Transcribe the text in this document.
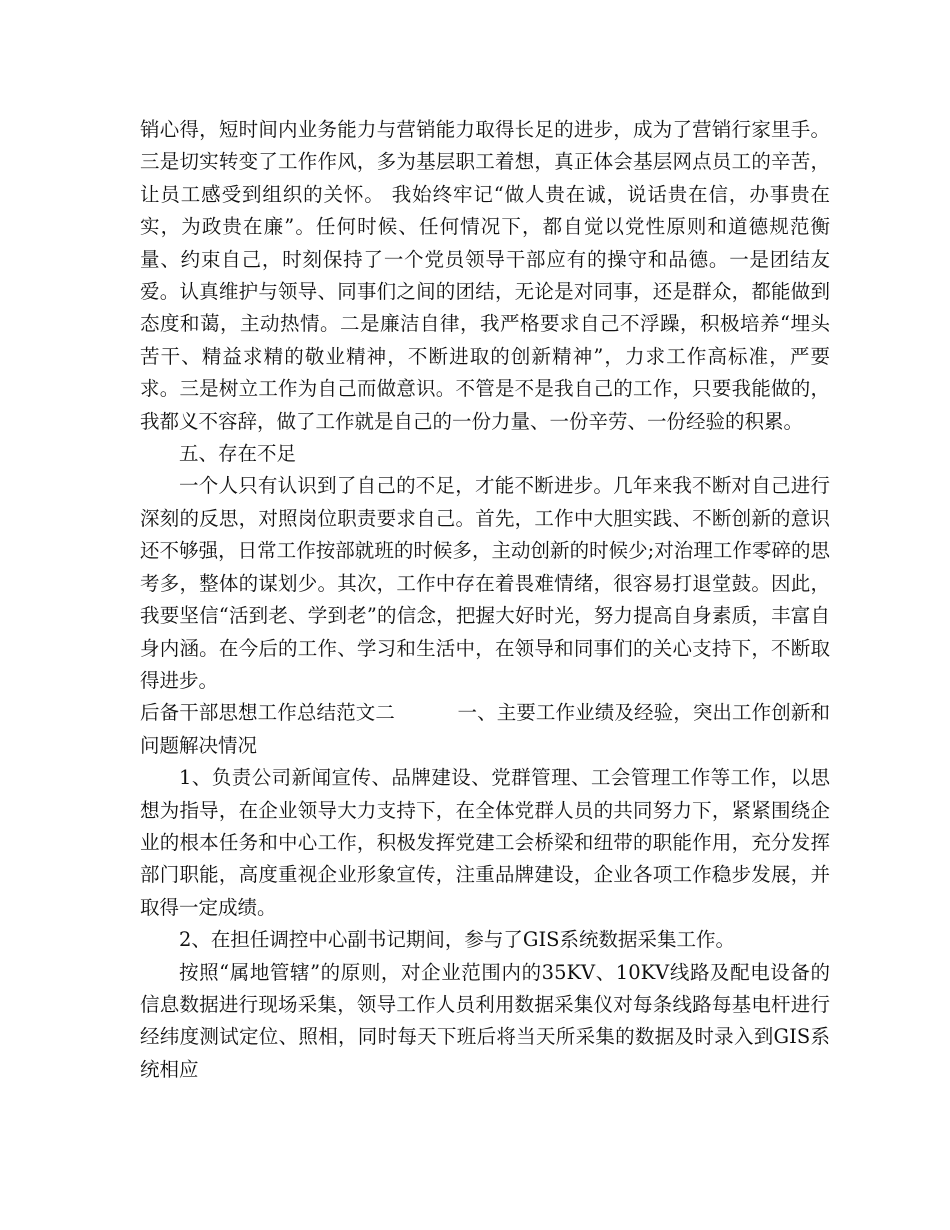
销心得，短时间内业务能力与营销能力取得长足的进步，成为了营销行家里手。三是切实转变了工作作风，多为基层职工着想，真正体会基层网点员工的辛苦，让员工感受到组织的关怀。 我始终牢记“做人贵在诚，说话贵在信，办事贵在实，为政贵在廉”。任何时候、任何情况下，都自觉以党性原则和道德规范衡量、约束自己，时刻保持了一个党员领导干部应有的操守和品德。一是团结友爱。认真维护与领导、同事们之间的团结，无论是对同事，还是群众，都能做到态度和蔼，主动热情。二是廉洁自律，我严格要求自己不浮躁，积极培养“埋头苦干、精益求精的敬业精神，不断进取的创新精神”，力求工作高标准，严要求。三是树立工作为自己而做意识。不管是不是我自己的工作，只要我能做的，我都义不容辞，做了工作就是自己的一份力量、一份辛劳、一份经验的积累。

五、存在不足

一个人只有认识到了自己的不足，才能不断进步。几年来我不断对自己进行深刻的反思，对照岗位职责要求自己。首先，工作中大胆实践、不断创新的意识还不够强，日常工作按部就班的时候多，主动创新的时候少;对治理工作零碎的思考多，整体的谋划少。其次，工作中存在着畏难情绪，很容易打退堂鼓。因此，我要坚信“活到老、学到老”的信念，把握大好时光，努力提高自身素质，丰富自身内涵。在今后的工作、学习和生活中，在领导和同事们的关心支持下，不断取得进步。

后备干部思想工作总结范文二	一、主要工作业绩及经验，突出工作创新和问题解决情况

1、负责公司新闻宣传、品牌建设、党群管理、工会管理工作等工作，以思想为指导，在企业领导大力支持下，在全体党群人员的共同努力下，紧紧围绕企业的根本任务和中心工作，积极发挥党建工会桥梁和纽带的职能作用，充分发挥部门职能，高度重视企业形象宣传，注重品牌建设，企业各项工作稳步发展，并取得一定成绩。

2、在担任调控中心副书记期间，参与了GIS系统数据采集工作。

按照“属地管辖”的原则，对企业范围内的35KV、10KV线路及配电设备的信息数据进行现场采集，领导工作人员利用数据采集仪对每条线路每基电杆进行经纬度测试定位、照相，同时每天下班后将当天所采集的数据及时录入到GIS系统相应
